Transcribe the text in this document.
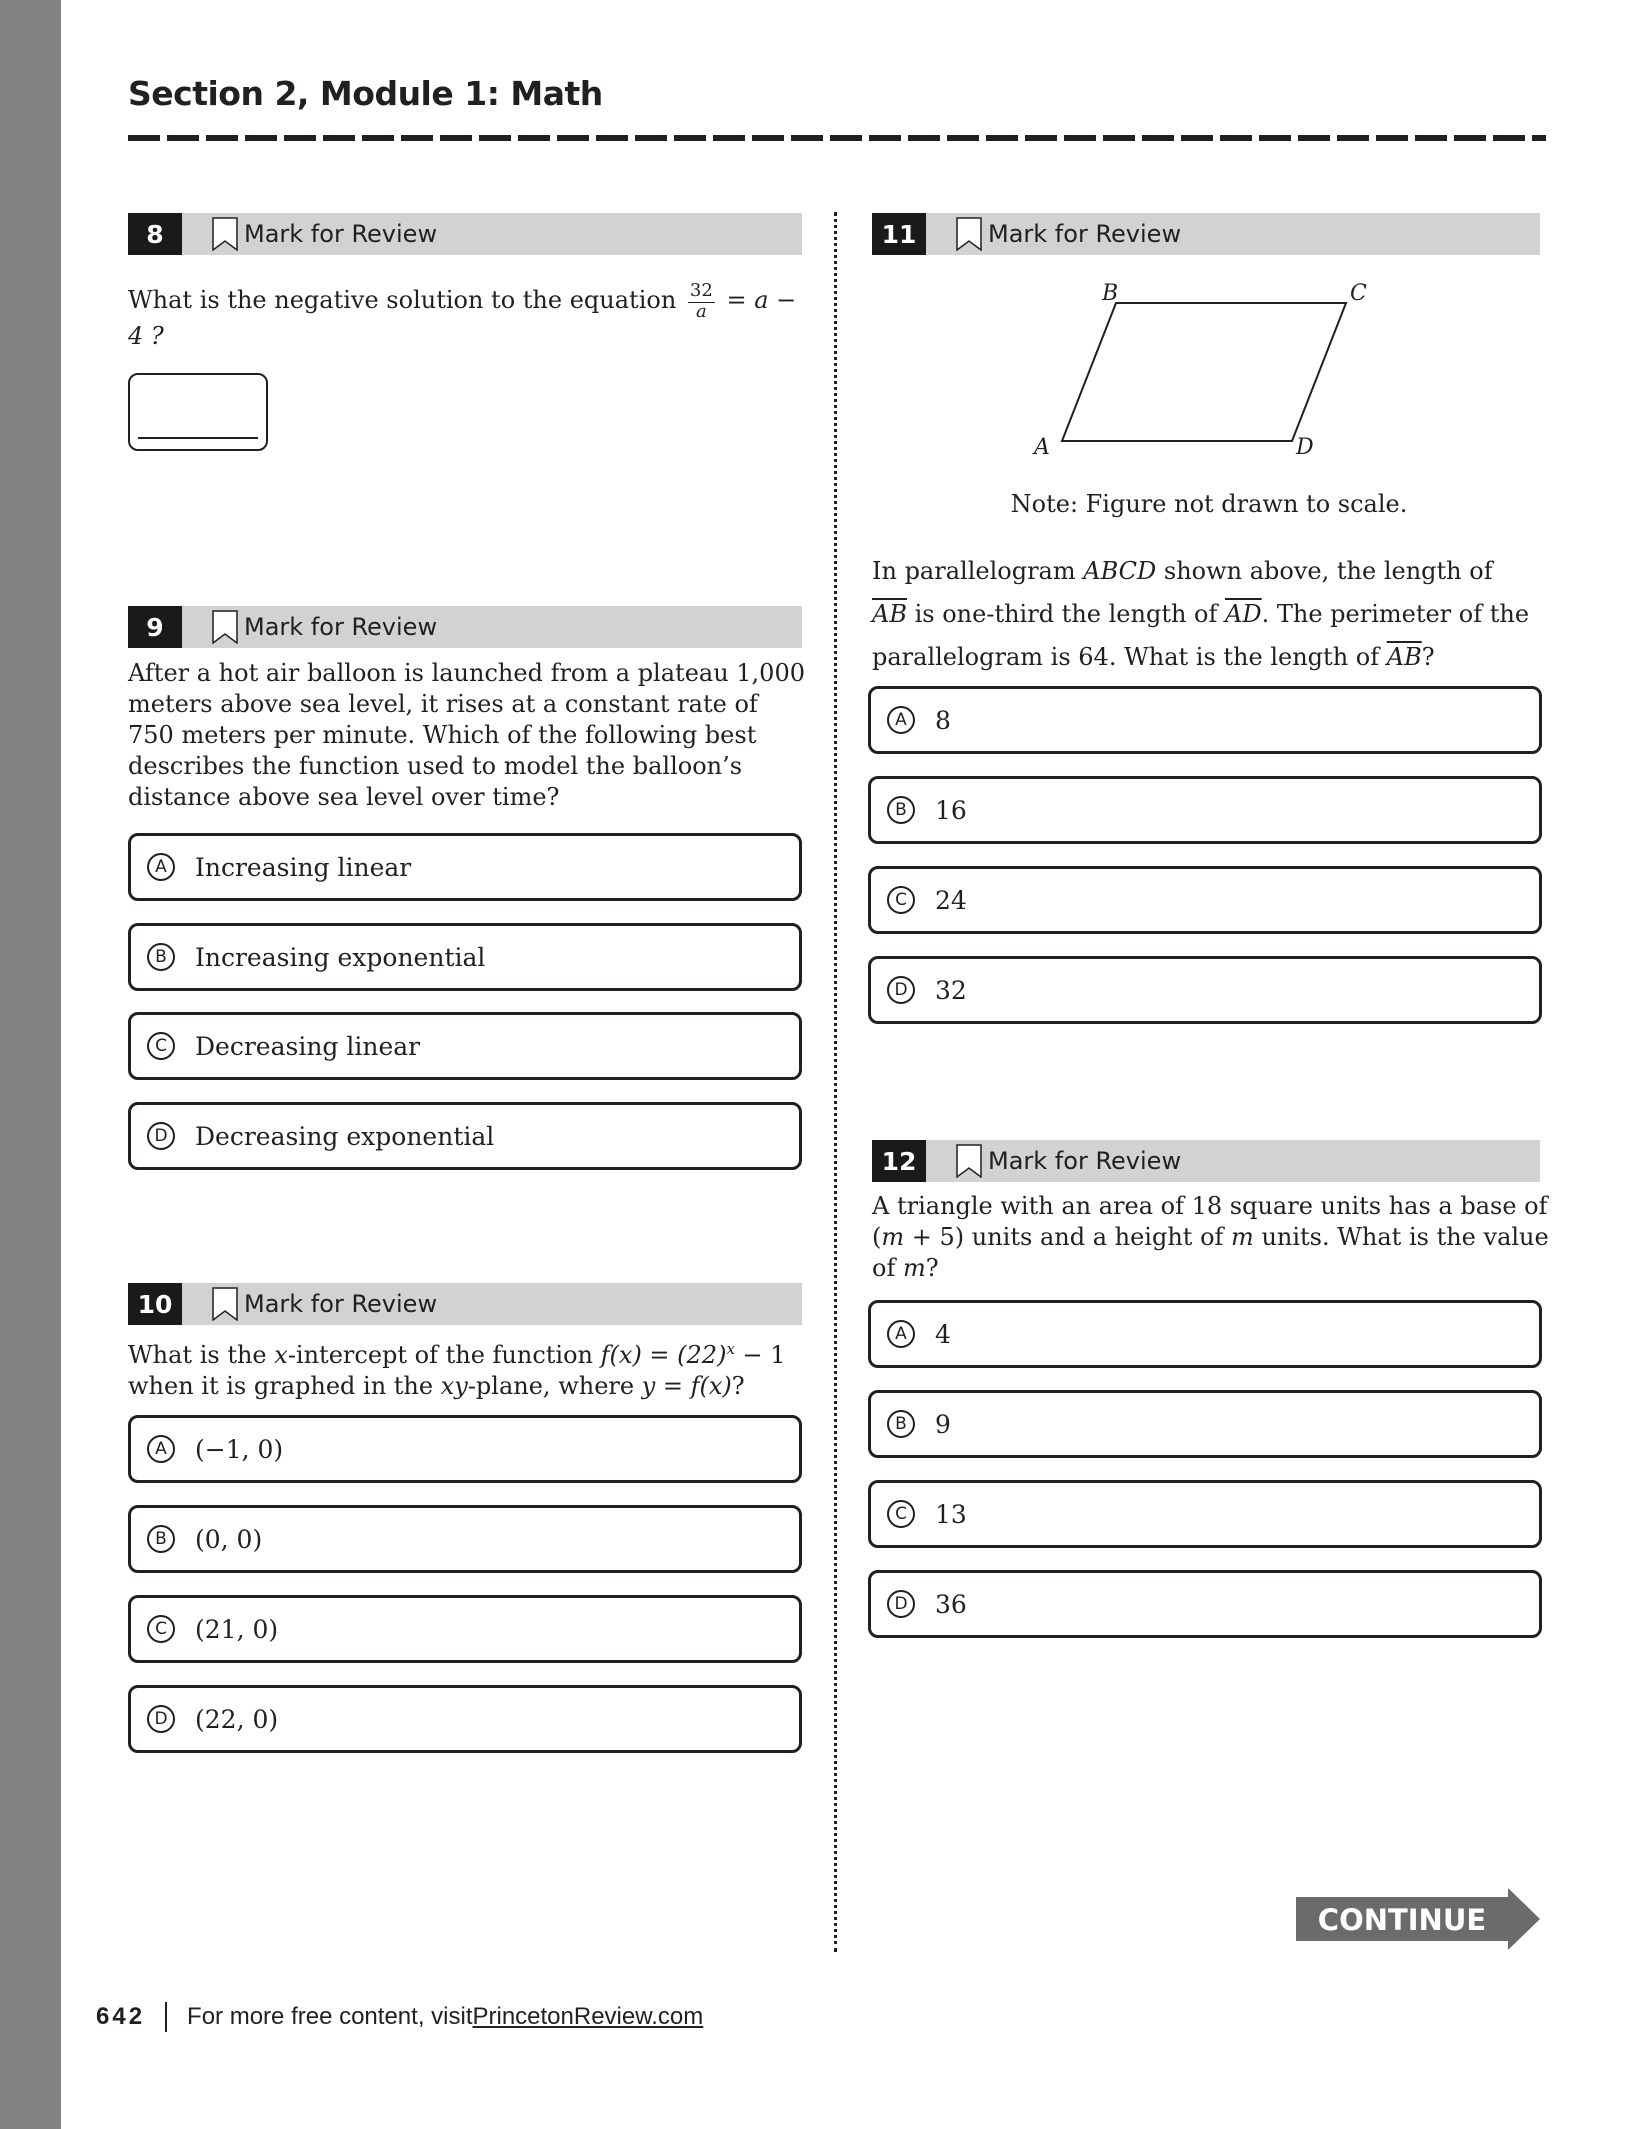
Section 2, Module 1: Math
8	Mark for Review
What is the negative solution to the equation $\frac{32}{a} = a - 4$ ?
9	Mark for Review
After a hot air balloon is launched from a plateau 1,000 meters above sea level, it rises at a constant rate of 750 meters per minute. Which of the following best describes the function used to model the balloon’s distance above sea level over time?
A	Increasing linear
B	Increasing exponential
C	Decreasing linear
D Decreasing exponential
10	Mark for Review
What is the x-intercept of the function $f(x) = (22)^x - 1$
when it is graphed in the xy-plane, where y = f(x)?
A	(−1, 0)
B	(0, 0)
C	(21, 0)
D (22, 0)
11	Mark for Review
A
B	C
D
Note: Figure not drawn to scale.
In parallelogram ABCD shown above, the length of
$\overline{AB}$ is one-third the length of $\overline{AD}$. The perimeter of the
parallelogram is 64. What is the length of $\overline{AB}$?
A	8
B	16
C	24
D 32
12	Mark for Review
A triangle with an area of 18 square units has a base of
(m + 5) units and a height of m units. What is the value
of m?
A	4
B	9
C	13
D 36
CONTINUE
642 For more free content, visit PrincetonReview.com
